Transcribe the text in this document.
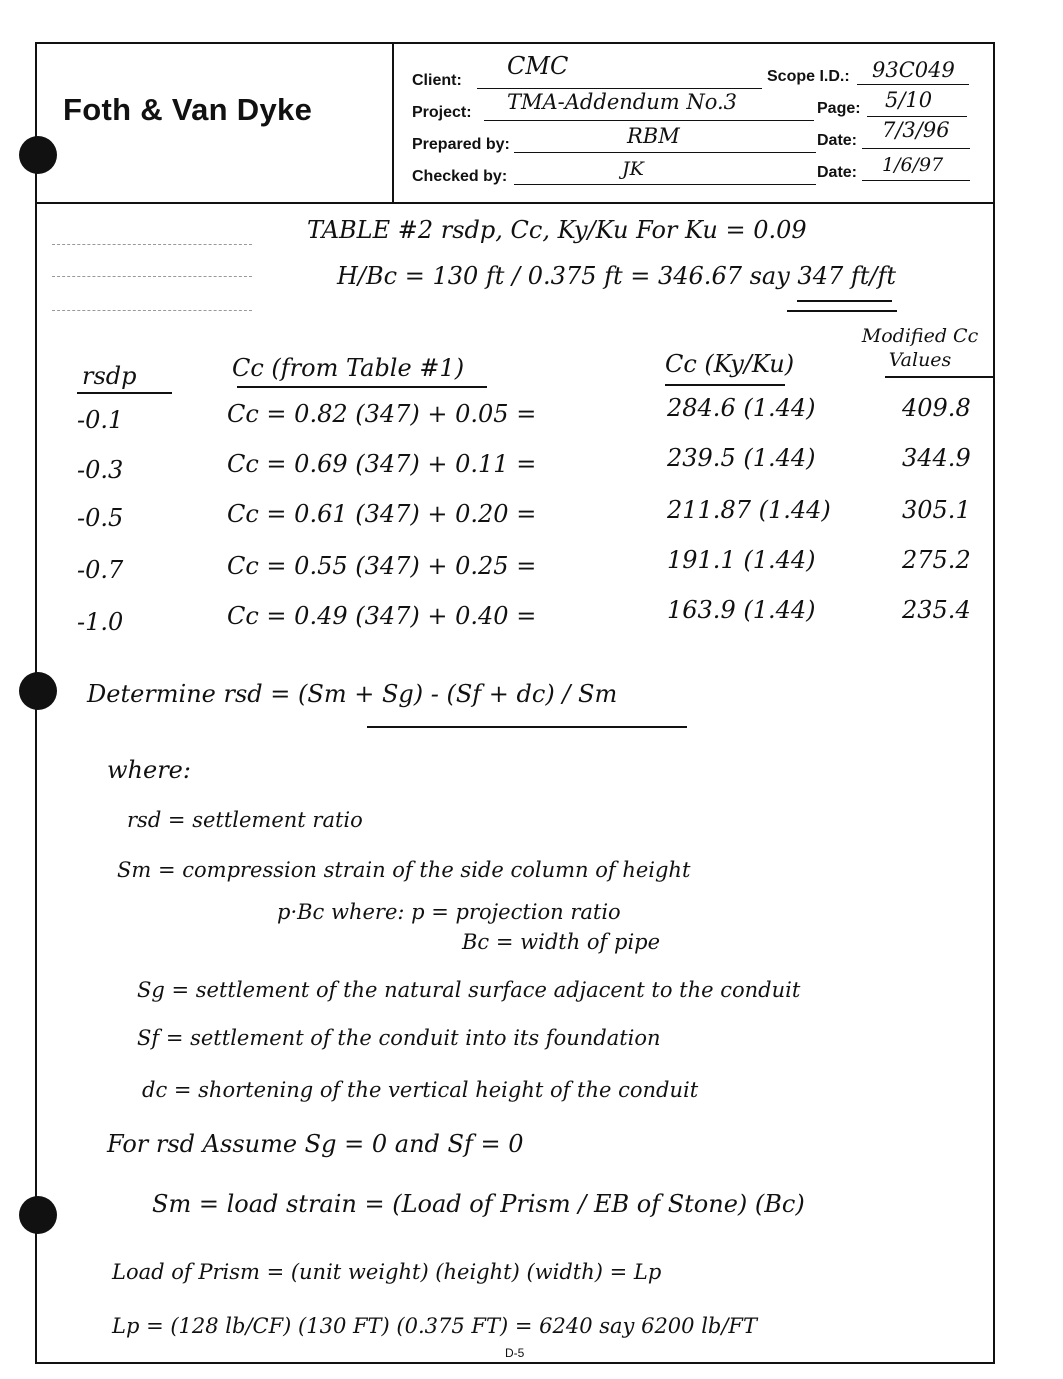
Foth & Van Dyke
Client:
CMC	Scope I.D.: 93C049
Project: TMA-Addendum No.3	Page: 5/10
Prepared by:	RBM	Date: 7/3/96
Checked by:	JK	Date: 1/6/97
TABLE #2 rsdp, Cc, Ky/Ku For Ku = 0.09
H/Bc = 130 ft / 0.375 ft = 346.67 say 347 ft/ft
rsdp	Cc (from Table #1)	Cc (Ky/Ku)
Modified Cc Values
-0.1	Cc = 0.82 (347) + 0.05 =	284.6 (1.44)	409.8
-0.3	Cc = 0.69 (347) + 0.11 =	239.5 (1.44)	344.9
-0.5	Cc = 0.61 (347) + 0.20 =	211.87 (1.44)	305.1
-0.7	Cc = 0.55 (347) + 0.25 =	191.1 (1.44)	275.2
-1.0	Cc = 0.49 (347) + 0.40 =	163.9 (1.44)	235.4
Determine rsd = (Sm + Sg) - (Sf + dc) / Sm
where:
rsd = settlement ratio
Sm = compression strain of the side column of height
p·Bc where: p = projection ratio
Bc = width of pipe
Sg = settlement of the natural surface adjacent to the conduit
Sf = settlement of the conduit into its foundation
dc = shortening of the vertical height of the conduit
For rsd Assume Sg = 0 and Sf = 0
Sm = load strain = (Load of Prism / EB of Stone) (Bc)
Load of Prism = (unit weight) (height) (width) = Lp
Lp = (128 lb/CF) (130 FT) (0.375 FT) = 6240 say 6200 lb/FT
D-5
